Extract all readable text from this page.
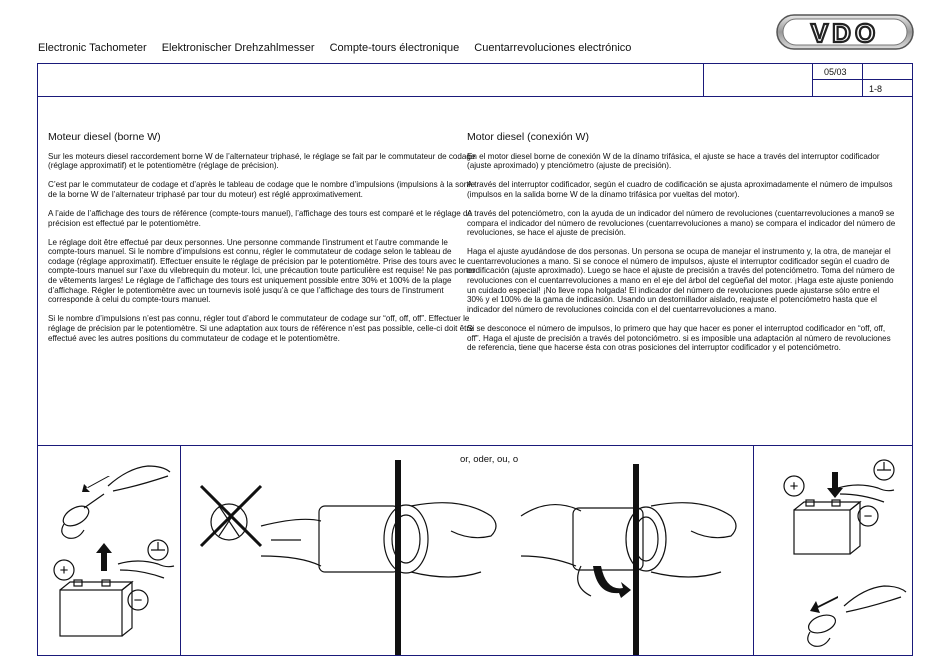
Electronic Tachometer Elektronischer Drehzahlmesser Compte-tours électronique Cuentarrevoluciones electrónico	VDO
05/03
1-8
Moteur diesel (borne W)

Sur les moteurs diesel raccordement borne W de l’alternateur triphasé, le réglage se fait par le commutateur de codage (réglage approximatif) et le potentiomètre (réglage de précision).

C’est par le commutateur de codage et d’après le tableau de codage que le nombre d’impulsions (impulsions à la sortie de la borne W de l’alternateur triphasé par tour du moteur) est réglé approximativement.

A l’aide de l’affichage des tours de référence (compte-tours manuel), l’affichage des tours est comparé et le réglage de précision est effectué par le potentiomètre.

Le réglage doit être effectué par deux personnes. Une personne commande l’instrument et l’autre commande le compte-tours manuel. Si le nombre d’impulsions est connu, régler le commutateur de codage selon le tableau de codage (réglage approximatif). Effectuer ensuite le réglage de précision par le potentiomètre. Prise des tours avec le compte-tours manuel sur l’axe du vilebrequin du moteur. Ici, une précaution toute particulière est requise! Ne pas porter de vêtements larges! Le réglage de l’affichage des tours est uniquement possible entre 30% et 100% de la plage d’affichage. Régler le potentiomètre avec un tournevis isolé jusqu’à ce que l’affichage des tours de l’instrument corresponde à celui du compte-tours manuel.

Si le nombre d’impulsions n’est pas connu, régler tout d’abord le commutateur de codage sur “off, off, off”. Effectuer le réglage de précision par le potentiomètre. Si une adaptation aux tours de référence n’est pas possible, celle-ci doit être effectué avec les autres positions du commutateur de codage et le potentiomètre.

Motor diesel (conexión W)

En el motor diesel borne de conexión W de la dínamo trifásica, el ajuste se hace a través del interruptor codificador (ajuste aproximado) y ptenciómetro (ajuste de precisión).

A través del interruptor codificador, según el cuadro de codificación se ajusta aproximadamente el número de impulsos (impulsos en la salida borne W de la dínamo trifásica por vueltas del motor).

A través del potenciómetro, con la ayuda de un indicador del número de revoluciones (cuentarrevoluciones a mano9 se compara el indicador del número de revoluciones (cuentarrevoluciones a mano) se compara el indicador del número de revoluciones, se hace el ajuste de precisión.

Haga el ajuste ayudándose de dos personas. Un persona se ocupa de manejar el instrumento y, la otra, de manejar el cuentarrevoluciones a mano. Si se conoce el número de impulsos, ajuste el interruptor codificador según el cuadro de codificación (ajuste aproximado). Luego se hace el ajuste de precisión a través del potenciómetro. Toma del número de revoluciones con el cuentarrevoluciones a mano en el eje del árbol del cegüeñal del motor. ¡Haga este ajuste poniendo un cuidado especial! ¡No lleve ropa holgada! El indicador del número de revoluciones puede ajustarse sólo entre el 30% y el 100% de la gama de indicasión. Usando un destornillador aislado, reajuste el potenciómetro hasta que el indicador del número de revoluciones coincida con el del cuentarrevoluciones a mano.

Si se desconoce el número de impulsos, lo primero que hay que hacer es poner el interruptod codificador en “off, off, off”. Haga el ajuste de precisión a través del potonciómetro. si es imposible una adaptación al número de revoluciones de referencia, tiene que hacerse ésta con otras posiciones del interruptor codificador y el potenciómetro.

or, oder, ou, o
+
−
+
−
